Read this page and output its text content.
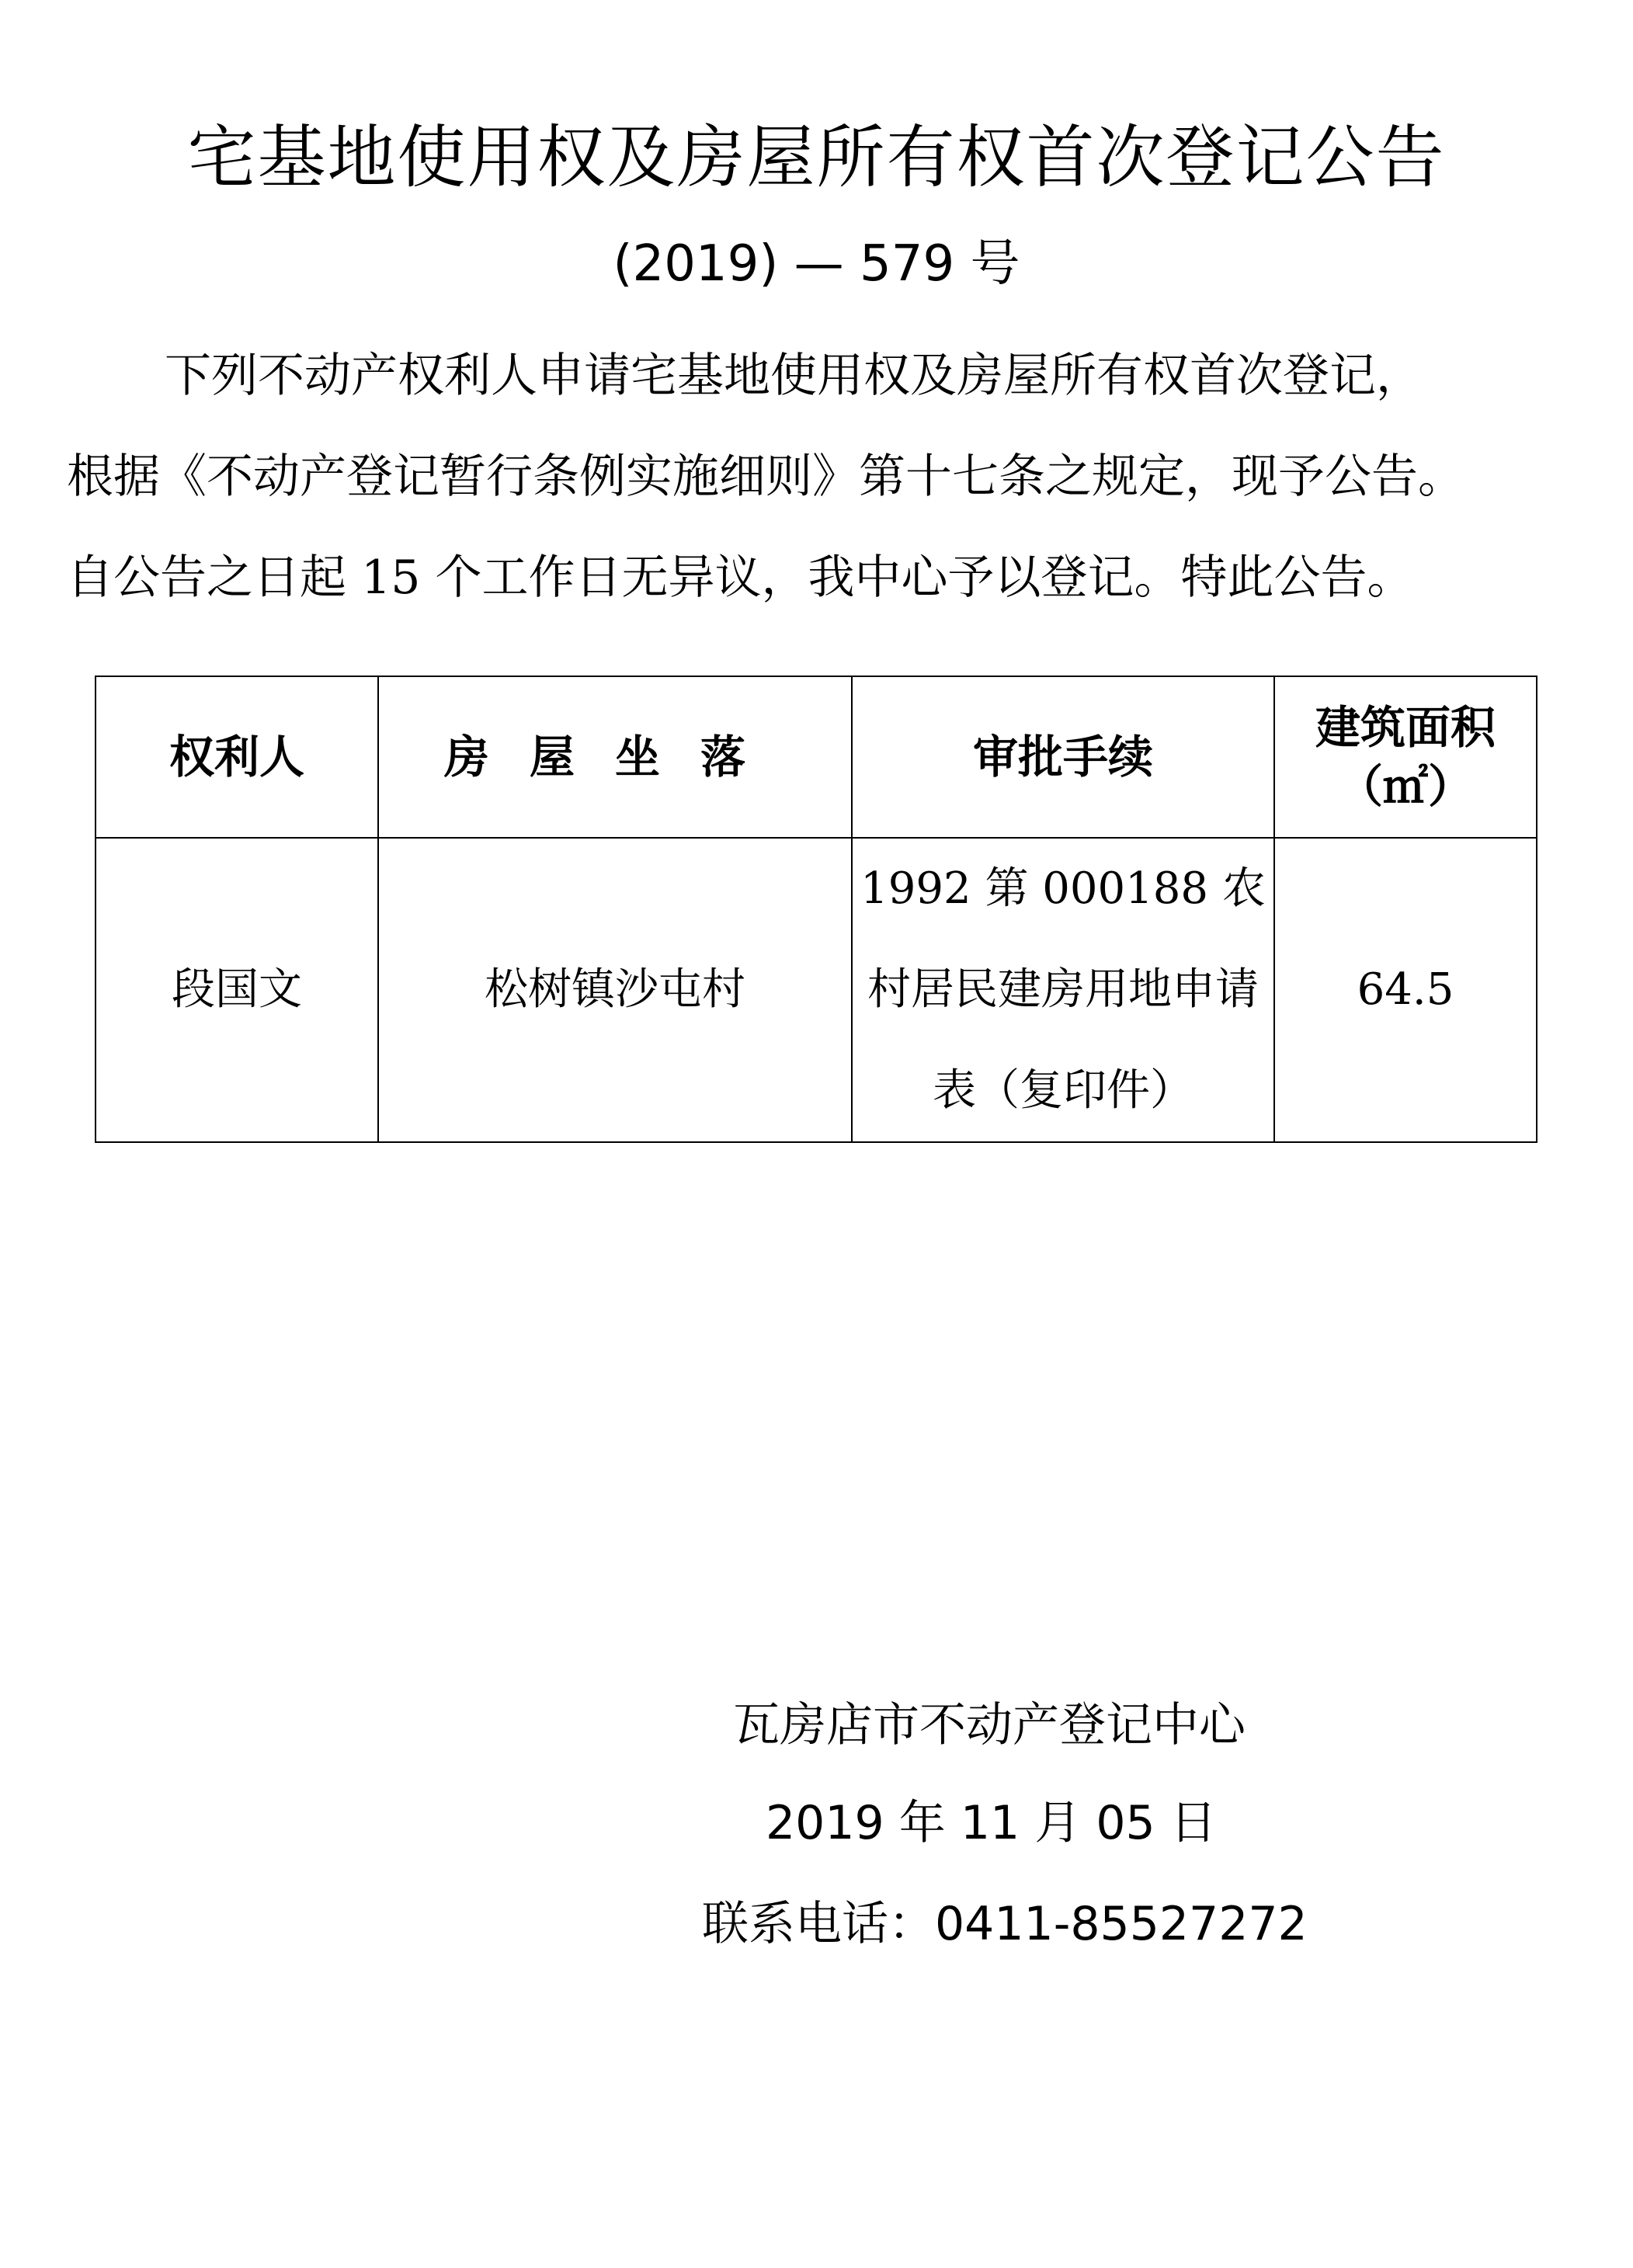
宅基地使用权及房屋所有权首次登记公告
(2019) — 579 号
下列不动产权利人申请宅基地使用权及房屋所有权首次登记，
根据《不动产登记暂行条例实施细则》第十七条之规定，现予公告。
自公告之日起 15 个工作日无异议，我中心予以登记。特此公告。
权利人	房屋坐落	审批手续	建筑面积
（㎡）

段国文	松树镇沙屯村	1992 第 000188 农村居民建房用地申请表（复印件）	64.5
瓦房店市不动产登记中心
2019 年 11 月 05 日
联系电话：0411-85527272
